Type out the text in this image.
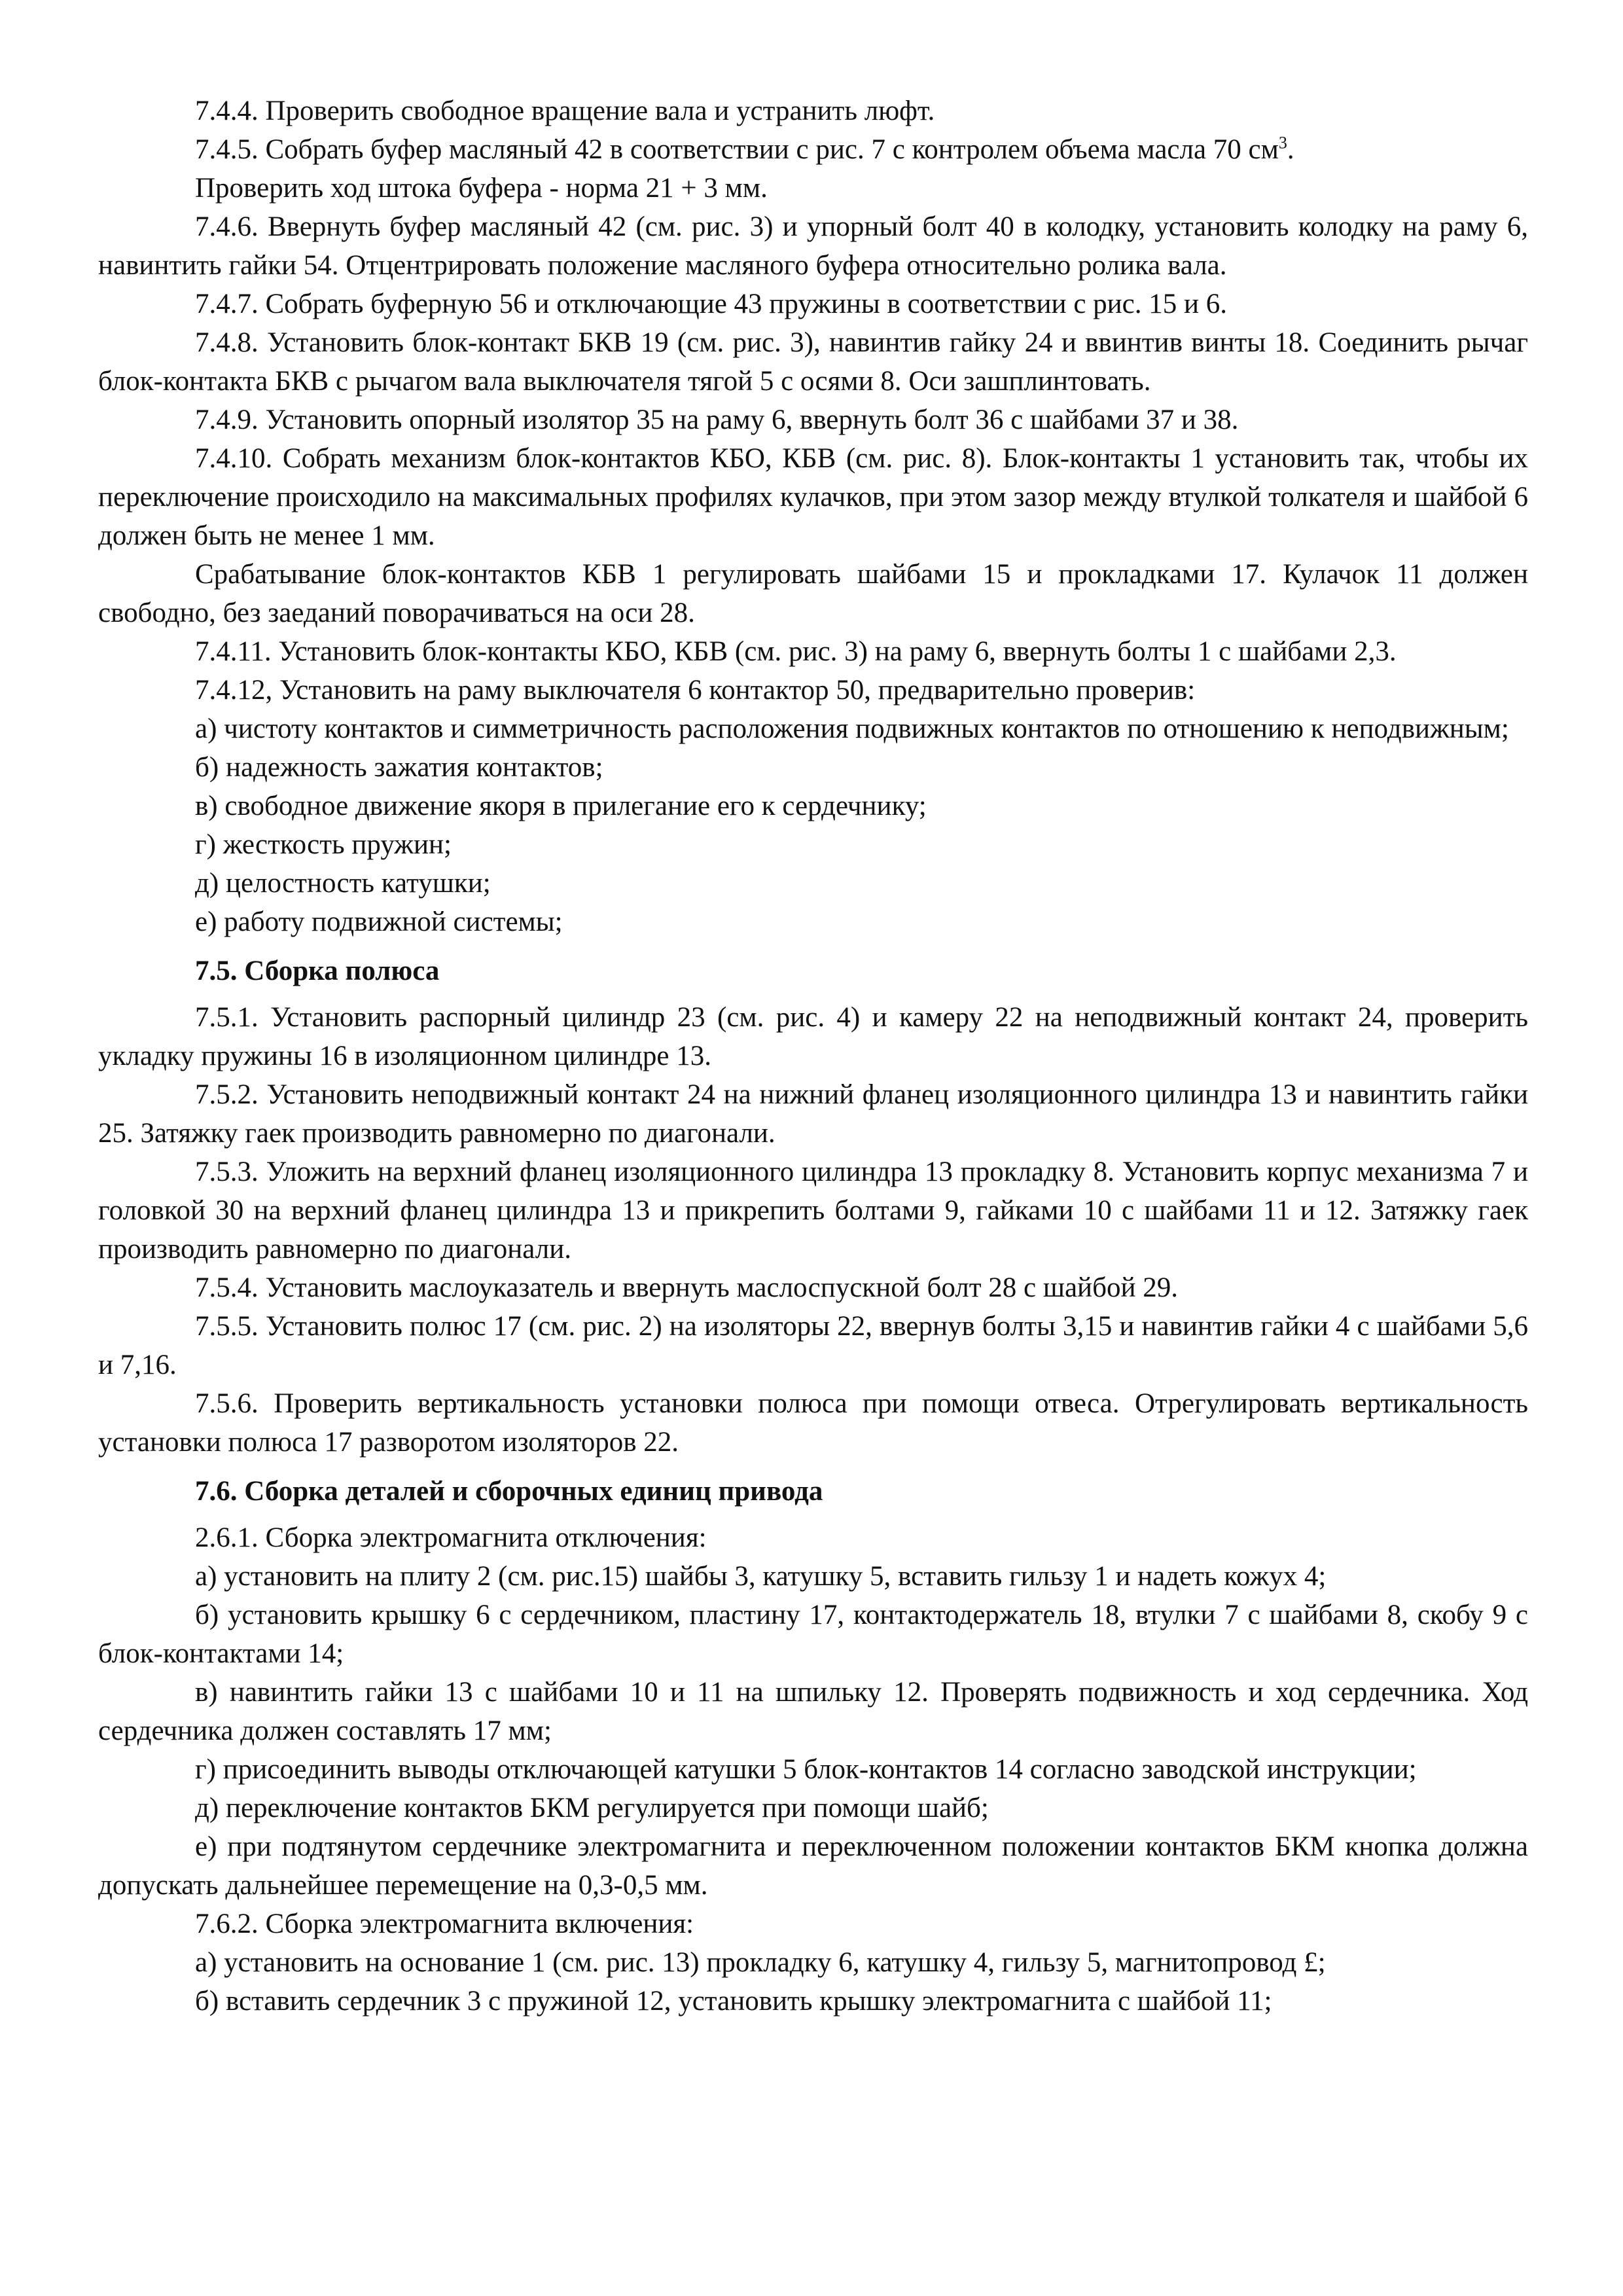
7.4.4. Проверить свободное вращение вала и устранить люфт.

7.4.5. Собрать буфер масляный 42 в соответствии с рис. 7 с контролем объема масла 70 $см^3$.

Проверить ход штока буфера - норма 21 + 3 мм.

7.4.6. Ввернуть буфер масляный 42 (см. рис. 3) и упорный болт 40 в колодку, установить колодку на раму 6, навинтить гайки 54. Отцентрировать положение масляного буфера относительно ролика вала.

7.4.7. Собрать буферную 56 и отключающие 43 пружины в соответствии с рис. 15 и 6.

7.4.8. Установить блок-контакт БКВ 19 (см. рис. 3), навинтив гайку 24 и ввинтив винты 18. Соединить рычаг блок-контакта БКВ с рычагом вала выключателя тягой 5 с осями 8. Оси зашплинтовать.

7.4.9. Установить опорный изолятор 35 на раму 6, ввернуть болт 36 с шайбами 37 и 38.

7.4.10. Собрать механизм блок-контактов КБО, КБВ (см. рис. 8). Блок-контакты 1 установить так, чтобы их переключение происходило на максимальных профилях кулачков, при этом зазор между втулкой толкателя и шайбой 6 должен быть не менее 1 мм.

Срабатывание блок-контактов КБВ 1 регулировать шайбами 15 и прокладками 17. Кулачок 11 должен свободно, без заеданий поворачиваться на оси 28.

7.4.11. Установить блок-контакты КБО, КБВ (см. рис. 3) на раму 6, ввернуть болты 1 с шайбами 2,3.

7.4.12, Установить на раму выключателя 6 контактор 50, предварительно проверив:

а) чистоту контактов и симметричность расположения подвижных контактов по отношению к неподвижным;

б) надежность зажатия контактов;

в) свободное движение якоря в прилегание его к сердечнику;

г) жесткость пружин;

д) целостность катушки;

е) работу подвижной системы;

7.5. Сборка полюса

7.5.1. Установить распорный цилиндр 23 (см. рис. 4) и камеру 22 на неподвижный контакт 24, проверить укладку пружины 16 в изоляционном цилиндре 13.

7.5.2. Установить неподвижный контакт 24 на нижний фланец изоляционного цилиндра 13 и навинтить гайки 25. Затяжку гаек производить равномерно по диагонали.

7.5.3. Уложить на верхний фланец изоляционного цилиндра 13 прокладку 8. Установить корпус механизма 7 и головкой 30 на верхний фланец цилиндра 13 и прикрепить болтами 9, гайками 10 с шайбами 11 и 12. Затяжку гаек производить равномерно по диагонали.

7.5.4. Установить маслоуказатель и ввернуть маслоспускной болт 28 с шайбой 29.

7.5.5. Установить полюс 17 (см. рис. 2) на изоляторы 22, ввернув болты 3,15 и навинтив гайки 4 с шайбами 5,6 и 7,16.

7.5.6. Проверить вертикальность установки полюса при помощи отвеса. Отрегулировать вертикальность установки полюса 17 разворотом изоляторов 22.

7.6. Сборка деталей и сборочных единиц привода

2.6.1. Сборка электромагнита отключения:

а) установить на плиту 2 (см. рис.15) шайбы 3, катушку 5, вставить гильзу 1 и надеть кожух 4;

б) установить крышку 6 с сердечником, пластину 17, контактодержатель 18, втулки 7 с шайбами 8, скобу 9 с блок-контактами 14;

в) навинтить гайки 13 с шайбами 10 и 11 на шпильку 12. Проверять подвижность и ход сердечника. Ход сердечника должен составлять 17 мм;

г) присоединить выводы отключающей катушки 5 блок-контактов 14 согласно заводской инструкции;

д) переключение контактов БКМ регулируется при помощи шайб;

е) при подтянутом сердечнике электромагнита и переключенном положении контактов БКМ кнопка должна допускать дальнейшее перемещение на 0,3-0,5 мм.

7.6.2. Сборка электромагнита включения:

а) установить на основание 1 (см. рис. 13) прокладку 6, катушку 4, гильзу 5, магнитопровод £;

б) вставить сердечник 3 с пружиной 12, установить крышку электромагнита с шайбой 11;
